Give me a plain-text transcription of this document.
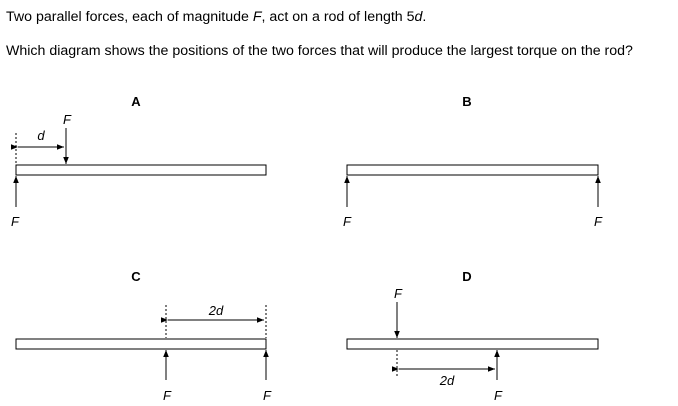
Two parallel forces, each of magnitude F, act on a rod of length 5d.

Which diagram shows the positions of the two forces that will produce the largest torque on the rod?

A
d
F
F
B
F	F
C
2d
F	F
D
F
2d
F
